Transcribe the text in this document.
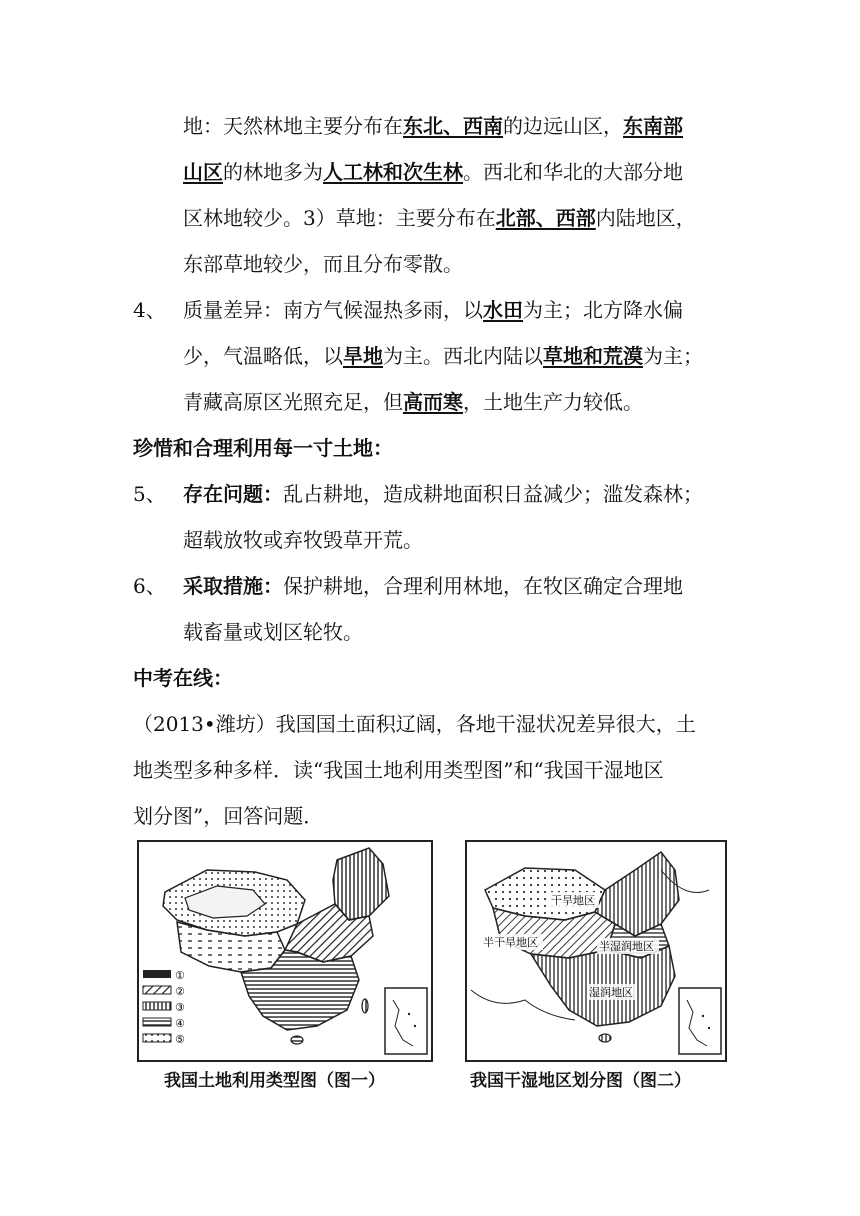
地：天然林地主要分布在东北、西南的边远山区，东南部
山区的林地多为人工林和次生林。西北和华北的大部分地
区林地较少。3）草地：主要分布在北部、西部内陆地区，
东部草地较少，而且分布零散。
4、 质量差异：南方气候湿热多雨，以水田为主；北方降水偏
少，气温略低，以旱地为主。西北内陆以草地和荒漠为主；
青藏高原区光照充足，但高而寒，土地生产力较低。
珍惜和合理利用每一寸土地：
5、 存在问题：乱占耕地，造成耕地面积日益减少；滥发森林；
超载放牧或弃牧毁草开荒。
6、 采取措施：保护耕地，合理利用林地，在牧区确定合理地
载畜量或划区轮牧。
中考在线：
（2013•潍坊）我国国土面积辽阔，各地干湿状况差异很大，土
地类型多种多样．读“我国土地利用类型图”和“我国干湿地区
划分图”，回答问题．
①
②
③
④
⑤
我国土地利用类型图（图一）
干旱地区
半干旱地区	半湿润地区
湿润地区
我国干湿地区划分图（图二）
